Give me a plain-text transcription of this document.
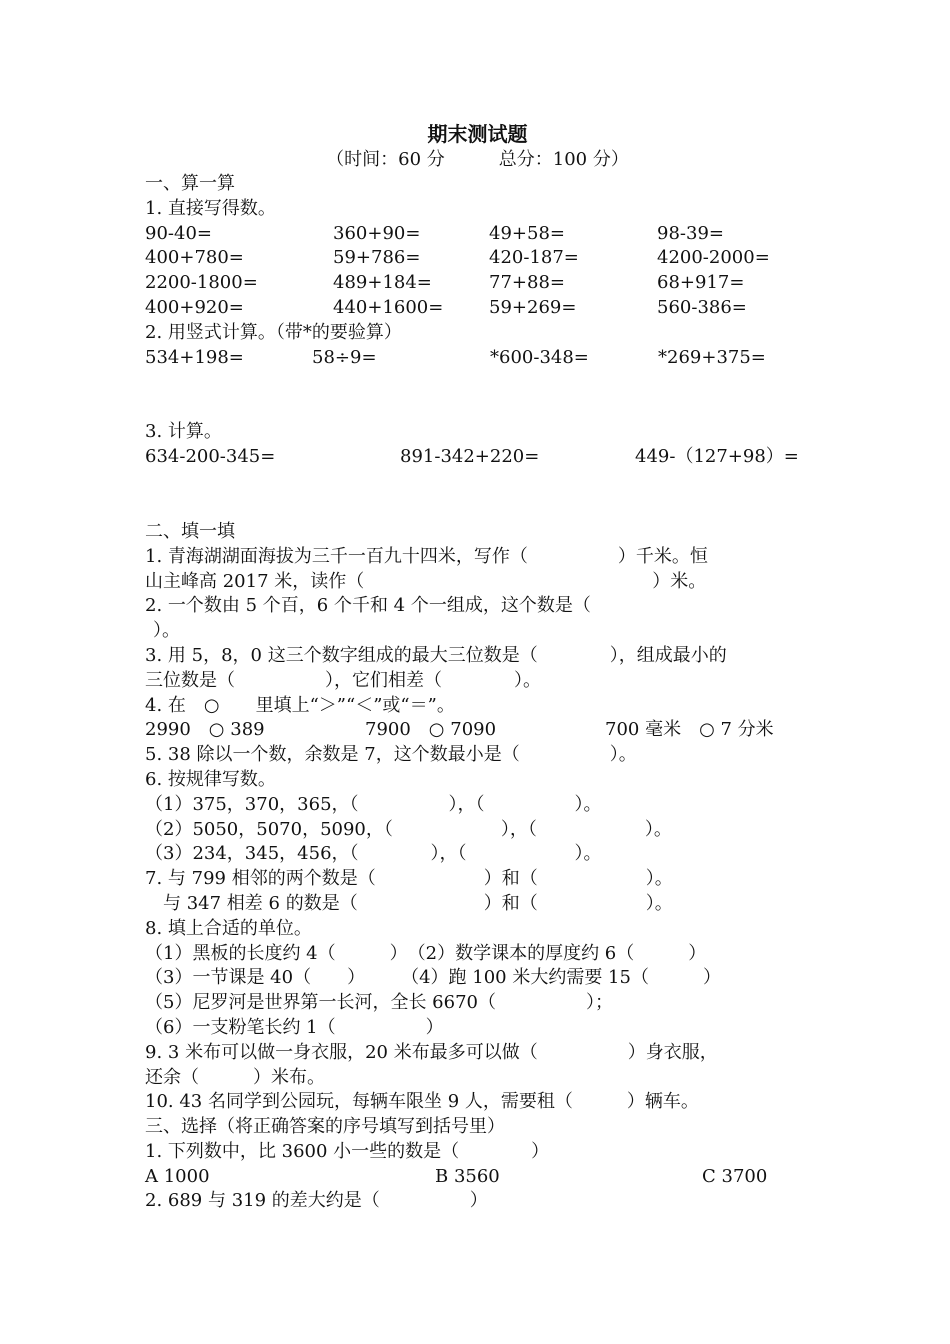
期末测试题
（时间：60 分　　　总分：100 分）
一、算一算
1. 直接写得数。
90-40=	360+90=	49+58=	98-39=
400+780=	59+786=	420-187=	4200-2000=
2200-1800=	489+184=	77+88=	68+917=
400+920=	440+1600=	59+269=	560-386=
2. 用竖式计算。（带*的要验算）
534+198=	58÷9=	*600-348=	*269+375=
3. 计算。
634-200-345=	891-342+220=	449-（127+98）=
二、填一填
1. 青海湖湖面海拔为三千一百九十四米，写作（　　　　　）千米。恒
山主峰高 2017 米，读作（　　　　　　　　　　　　　　　　）米。
2. 一个数由 5 个百，6 个千和 4 个一组成，这个数是（
）。
3. 用 5，8，0 这三个数字组成的最大三位数是（　　　　），组成最小的
三位数是（　　　　　），它们相差（　　　　）。
4. 在　○　　里填上“＞”“＜”或“＝”。
2990　○ 389	7900　○ 7090	700 毫米　○ 7 分米
5. 38 除以一个数，余数是 7，这个数最小是（　　　　　）。
6. 按规律写数。
（1）375，370，365，（　　　　　），（　　　　　）。
（2）5050，5070，5090，（　　　　　　），（　　　　　　）。
（3）234，345，456，（　　　　），（　　　　　　）。
7. 与 799 相邻的两个数是（　　　　　　）和（　　　　　　）。
　与 347 相差 6 的数是（　　　　　　　）和（　　　　　　）。
8. 填上合适的单位。
（1）黑板的长度约 4（　　　）　（2）数学课本的厚度约 6（　　　）
（3）一节课是 40（　　）　　　（4）跑 100 米大约需要 15（　　　）
（5）尼罗河是世界第一长河，全长 6670（　　　　　）；
（6）一支粉笔长约 1（　　　　　）
9. 3 米布可以做一身衣服，20 米布最多可以做（　　　　　）身衣服，
还余（　　　）米布。
10. 43 名同学到公园玩，每辆车限坐 9 人，需要租（　　　）辆车。
三、选择（将正确答案的序号填写到括号里）
1. 下列数中，比 3600 小一些的数是（　　　　）
A 1000	B 3560	C 3700
2. 689 与 319 的差大约是（　　　　　）
